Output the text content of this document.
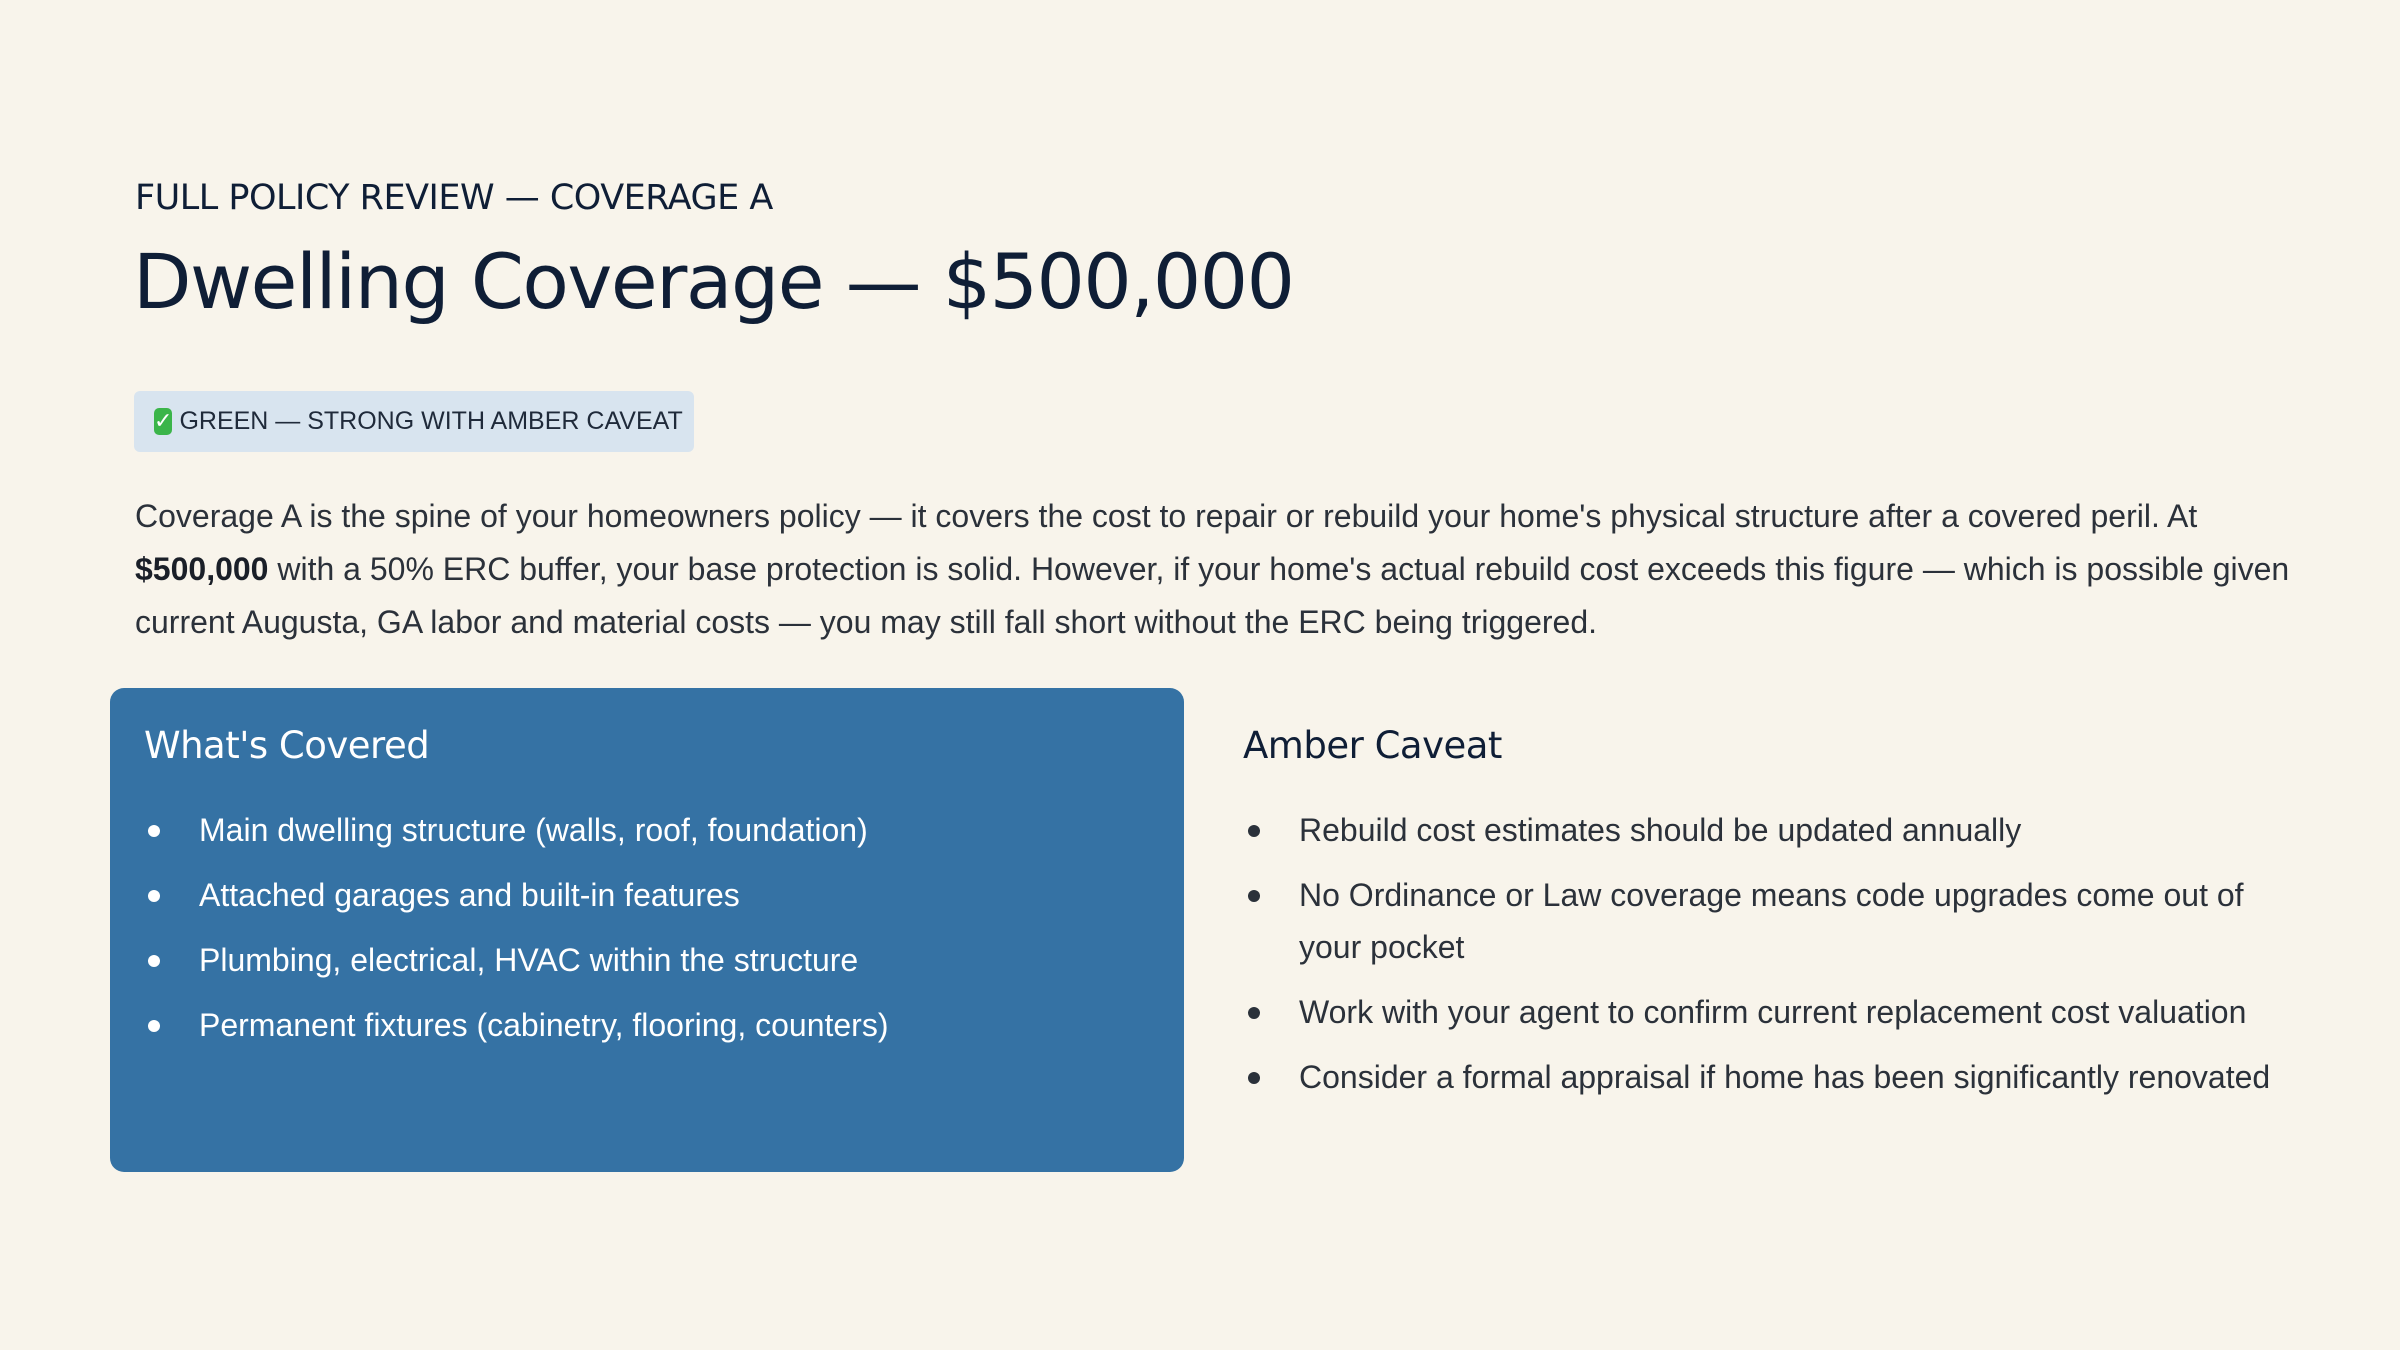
FULL POLICY REVIEW — COVERAGE A
Dwelling Coverage — $500,000
✓ GREEN — STRONG WITH AMBER CAVEAT

Coverage A is the spine of your homeowners policy — it covers the cost to repair or rebuild your home's physical structure after a covered peril. At $500,000 with a 50% ERC buffer, your base protection is solid. However, if your home's actual rebuild cost exceeds this figure — which is possible given current Augusta, GA labor and material costs — you may still fall short without the ERC being triggered.

What's Covered
Main dwelling structure (walls, roof, foundation)
Attached garages and built-in features
Plumbing, electrical, HVAC within the structure
Permanent fixtures (cabinetry, flooring, counters)
Amber Caveat
Rebuild cost estimates should be updated annually
No Ordinance or Law coverage means code upgrades come out of your pocket
Work with your agent to confirm current replacement cost valuation
Consider a formal appraisal if home has been significantly renovated
